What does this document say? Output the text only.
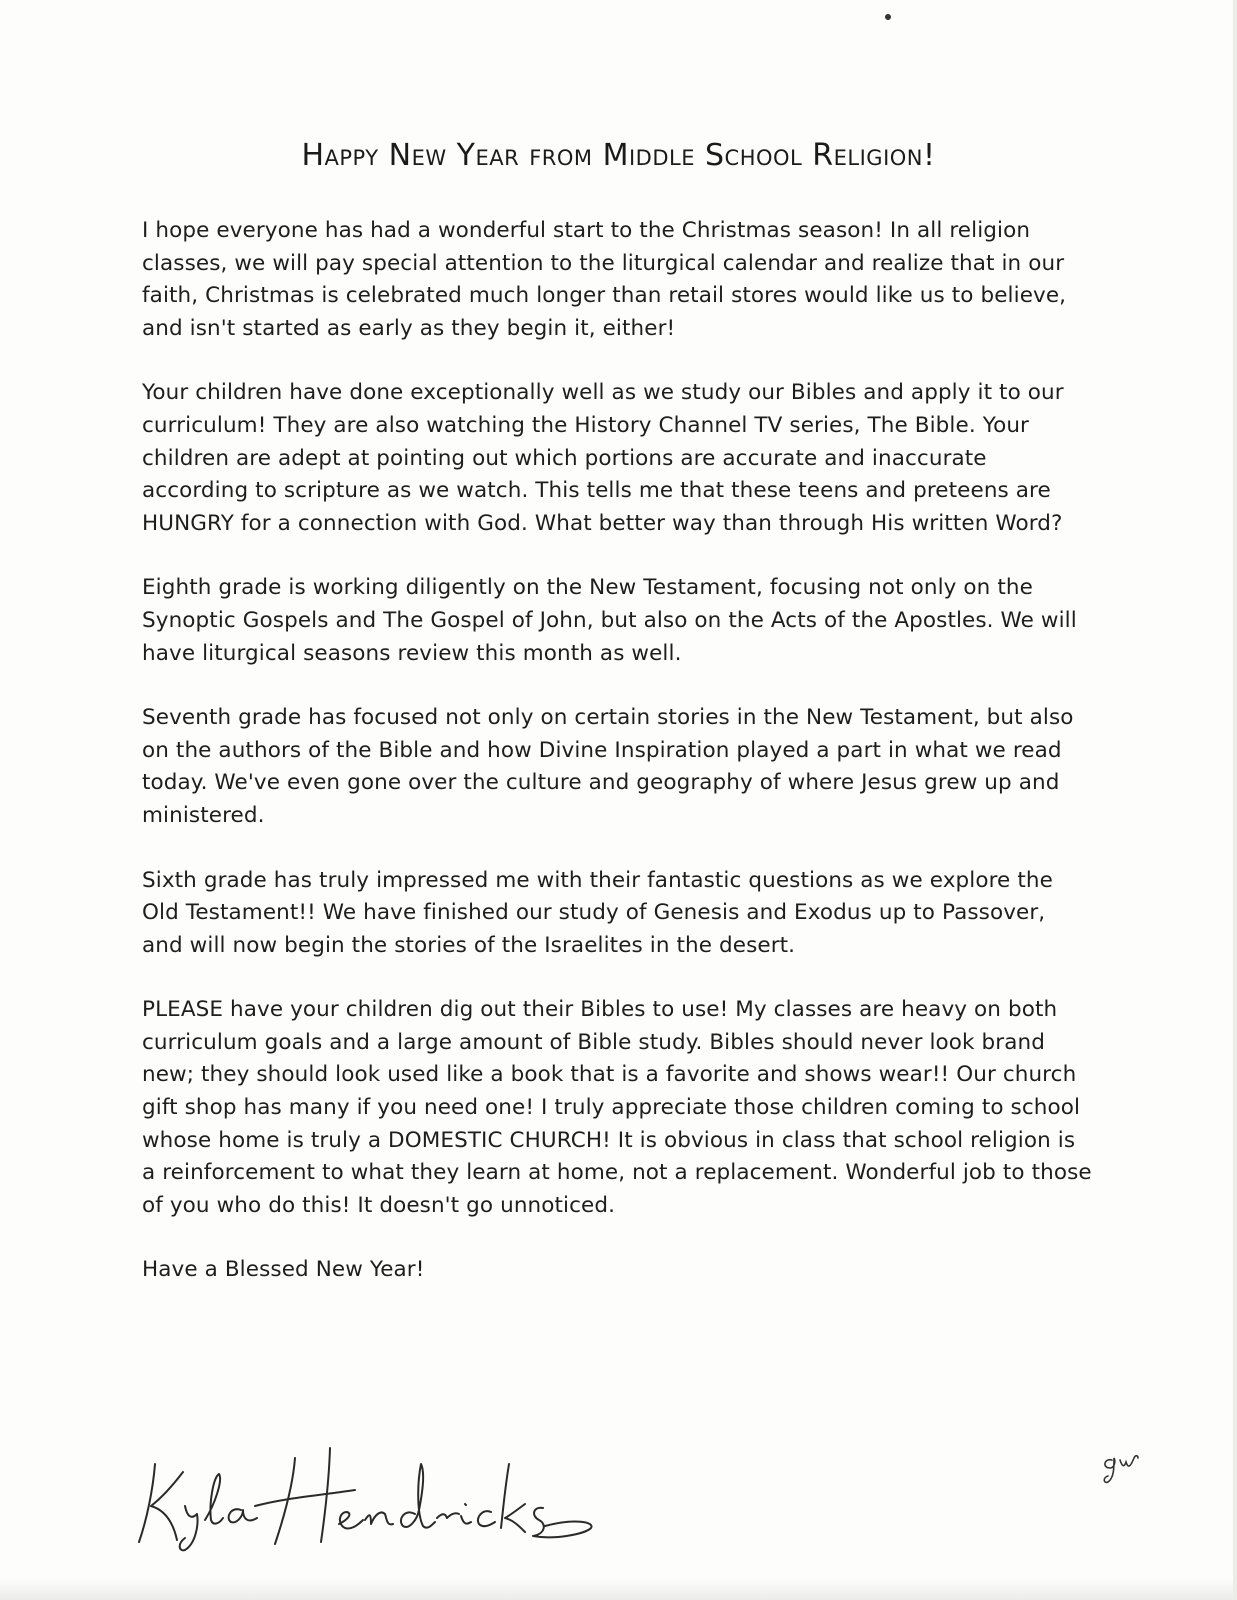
Happy New Year from Middle School Religion!

I hope everyone has had a wonderful start to the Christmas season! In all religion classes, we will pay special attention to the liturgical calendar and realize that in our faith, Christmas is celebrated much longer than retail stores would like us to believe, and isn't started as early as they begin it, either!

Your children have done exceptionally well as we study our Bibles and apply it to our curriculum! They are also watching the History Channel TV series, The Bible. Your children are adept at pointing out which portions are accurate and inaccurate according to scripture as we watch. This tells me that these teens and preteens are HUNGRY for a connection with God. What better way than through His written Word?

Eighth grade is working diligently on the New Testament, focusing not only on the Synoptic Gospels and The Gospel of John, but also on the Acts of the Apostles. We will have liturgical seasons review this month as well.

Seventh grade has focused not only on certain stories in the New Testament, but also on the authors of the Bible and how Divine Inspiration played a part in what we read today. We've even gone over the culture and geography of where Jesus grew up and ministered.

Sixth grade has truly impressed me with their fantastic questions as we explore the Old Testament!! We have finished our study of Genesis and Exodus up to Passover, and will now begin the stories of the Israelites in the desert.

PLEASE have your children dig out their Bibles to use! My classes are heavy on both curriculum goals and a large amount of Bible study. Bibles should never look brand new; they should look used like a book that is a favorite and shows wear!! Our church gift shop has many if you need one! I truly appreciate those children coming to school whose home is truly a DOMESTIC CHURCH! It is obvious in class that school religion is a reinforcement to what they learn at home, not a replacement. Wonderful job to those of you who do this! It doesn't go unnoticed.

Have a Blessed New Year!
